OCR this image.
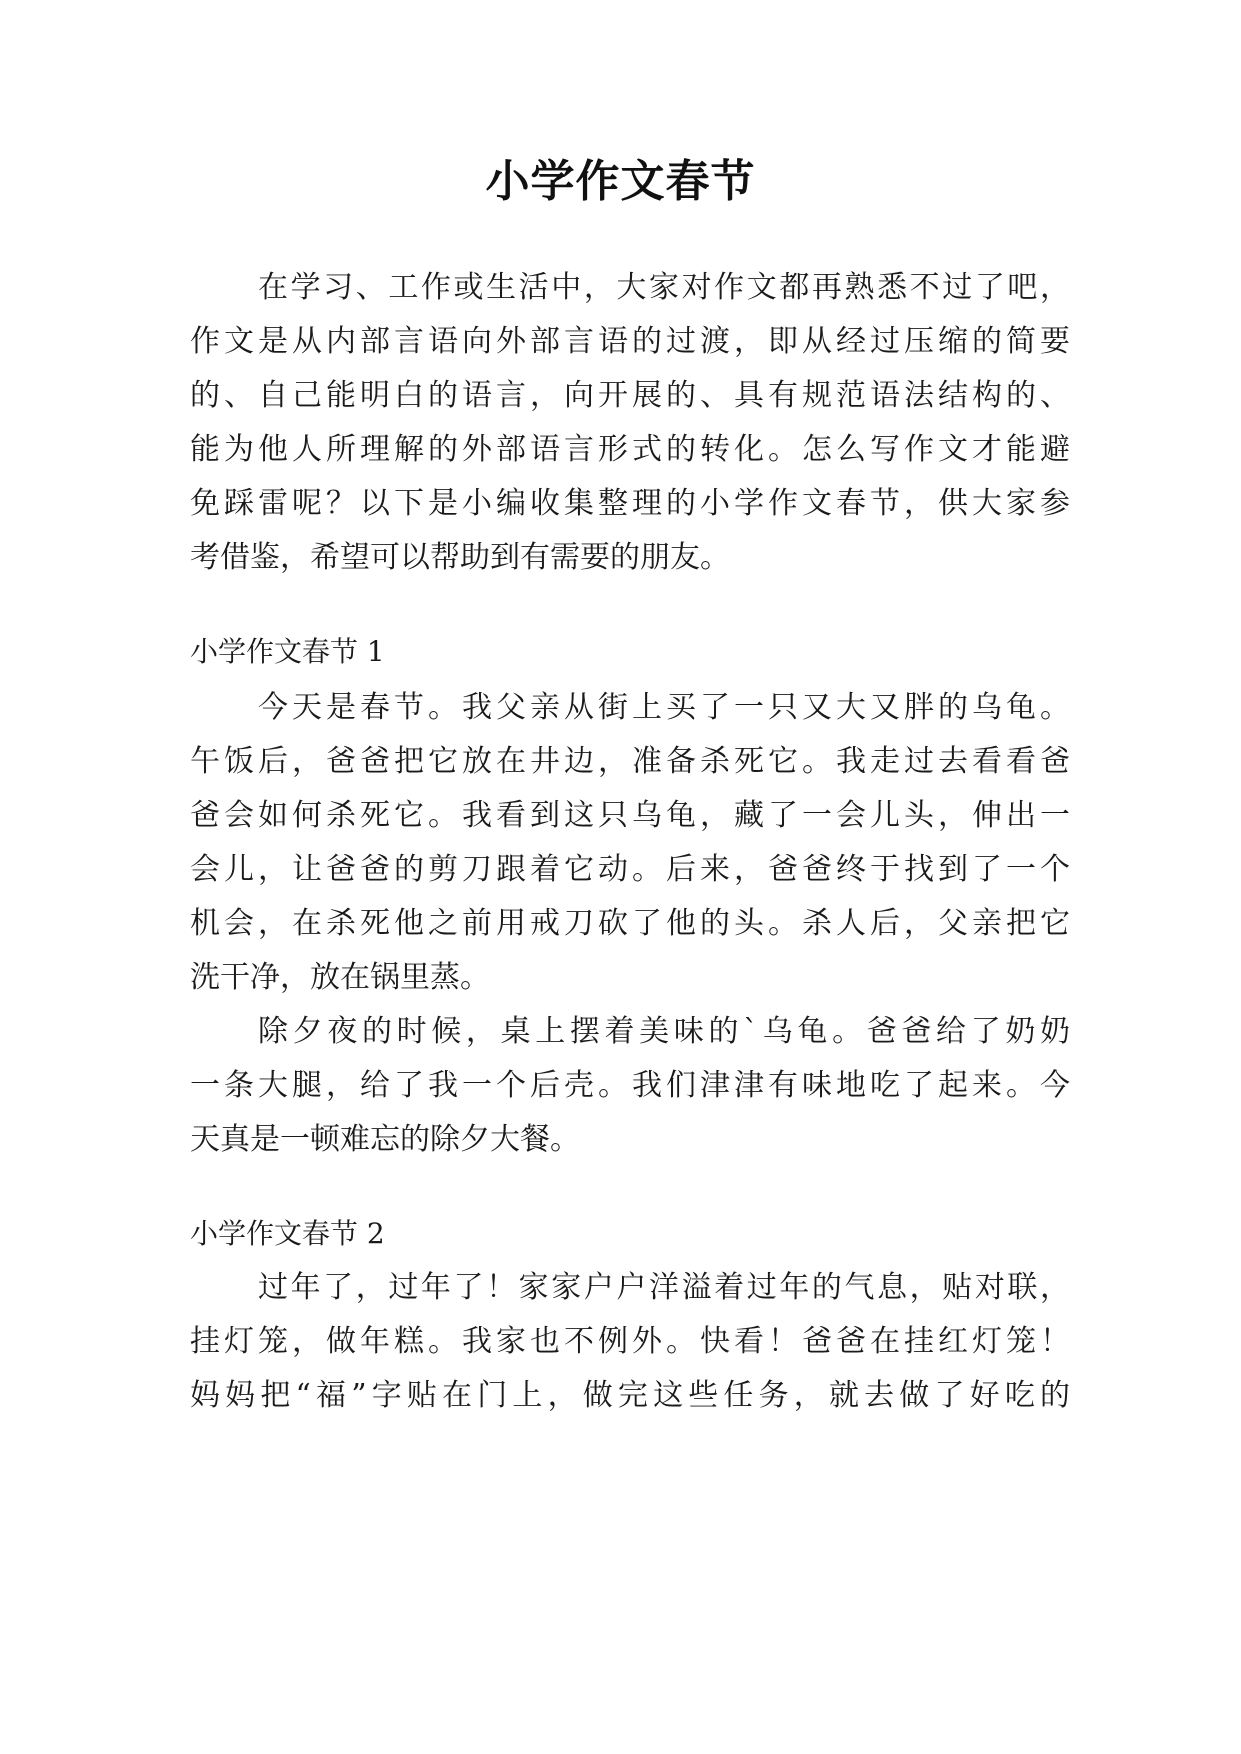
小学作文春节
在学习、工作或生活中，大家对作文都再熟悉不过了吧，
作文是从内部言语向外部言语的过渡，即从经过压缩的简要
的、自己能明白的语言，向开展的、具有规范语法结构的、
能为他人所理解的外部语言形式的转化。怎么写作文才能避
免踩雷呢？以下是小编收集整理的小学作文春节，供大家参
考借鉴，希望可以帮助到有需要的朋友。
小学作文春节 1
今天是春节。我父亲从街上买了一只又大又胖的乌龟。
午饭后，爸爸把它放在井边，准备杀死它。我走过去看看爸
爸会如何杀死它。我看到这只乌龟，藏了一会儿头，伸出一
会儿，让爸爸的剪刀跟着它动。后来，爸爸终于找到了一个
机会，在杀死他之前用戒刀砍了他的头。杀人后，父亲把它
洗干净，放在锅里蒸。
除夕夜的时候，桌上摆着美味的`乌龟。爸爸给了奶奶
一条大腿，给了我一个后壳。我们津津有味地吃了起来。今
天真是一顿难忘的除夕大餐。
小学作文春节 2
过年了，过年了！家家户户洋溢着过年的气息，贴对联，
挂灯笼，做年糕。我家也不例外。快看！爸爸在挂红灯笼！
妈妈把“福”字贴在门上，做完这些任务，就去做了好吃的
